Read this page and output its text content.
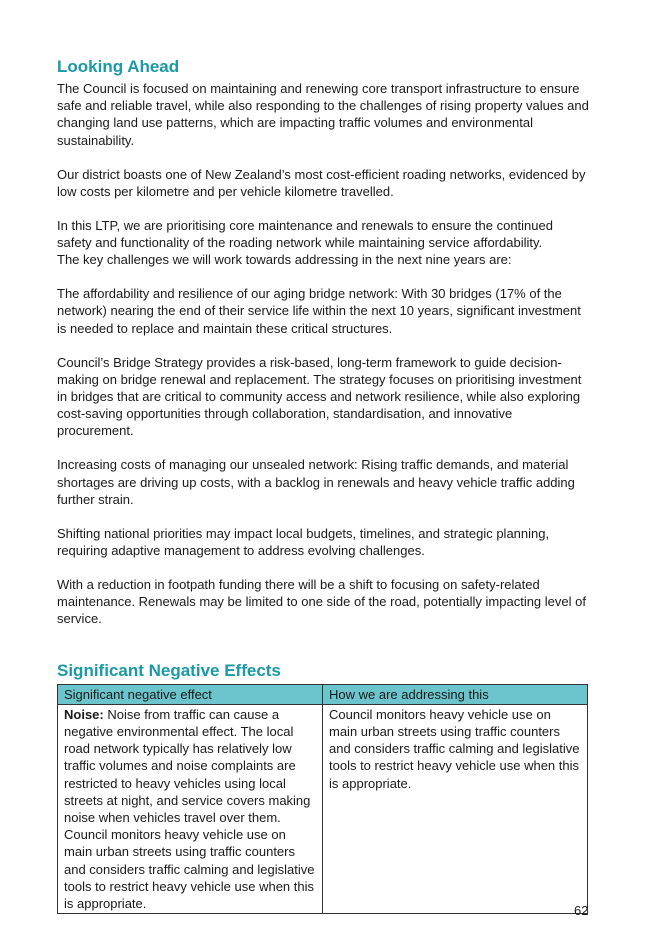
Looking Ahead

The Council is focused on maintaining and renewing core transport infrastructure to ensure safe and reliable travel, while also responding to the challenges of rising property values and changing land use patterns, which are impacting traffic volumes and environmental sustainability.

Our district boasts one of New Zealand’s most cost-efficient roading networks, evidenced by low costs per kilometre and per vehicle kilometre travelled.

In this LTP, we are prioritising core maintenance and renewals to ensure the continued safety and functionality of the roading network while maintaining service affordability.

The key challenges we will work towards addressing in the next nine years are:

The affordability and resilience of our aging bridge network: With 30 bridges (17% of the network) nearing the end of their service life within the next 10 years, significant investment is needed to replace and maintain these critical structures.

Council’s Bridge Strategy provides a risk-based, long-term framework to guide decision-making on bridge renewal and replacement. The strategy focuses on prioritising investment in bridges that are critical to community access and network resilience, while also exploring cost-saving opportunities through collaboration, standardisation, and innovative procurement.

Increasing costs of managing our unsealed network: Rising traffic demands, and material shortages are driving up costs, with a backlog in renewals and heavy vehicle traffic adding further strain.

Shifting national priorities may impact local budgets, timelines, and strategic planning, requiring adaptive management to address evolving challenges.

With a reduction in footpath funding there will be a shift to focusing on safety-related maintenance. Renewals may be limited to one side of the road, potentially impacting level of service.

Significant Negative Effects
Significant negative effect	How we are addressing this
Noise: Noise from traffic can cause a negative environmental effect. The local road network typically has relatively low traffic volumes and noise complaints are restricted to heavy vehicles using local streets at night, and service covers making noise when vehicles travel over them. Council monitors heavy vehicle use on main urban streets using traffic counters and considers traffic calming and legislative tools to restrict heavy vehicle use when this is appropriate.	Council monitors heavy vehicle use on main urban streets using traffic counters and considers traffic calming and legislative tools to restrict heavy vehicle use when this is appropriate.
62
